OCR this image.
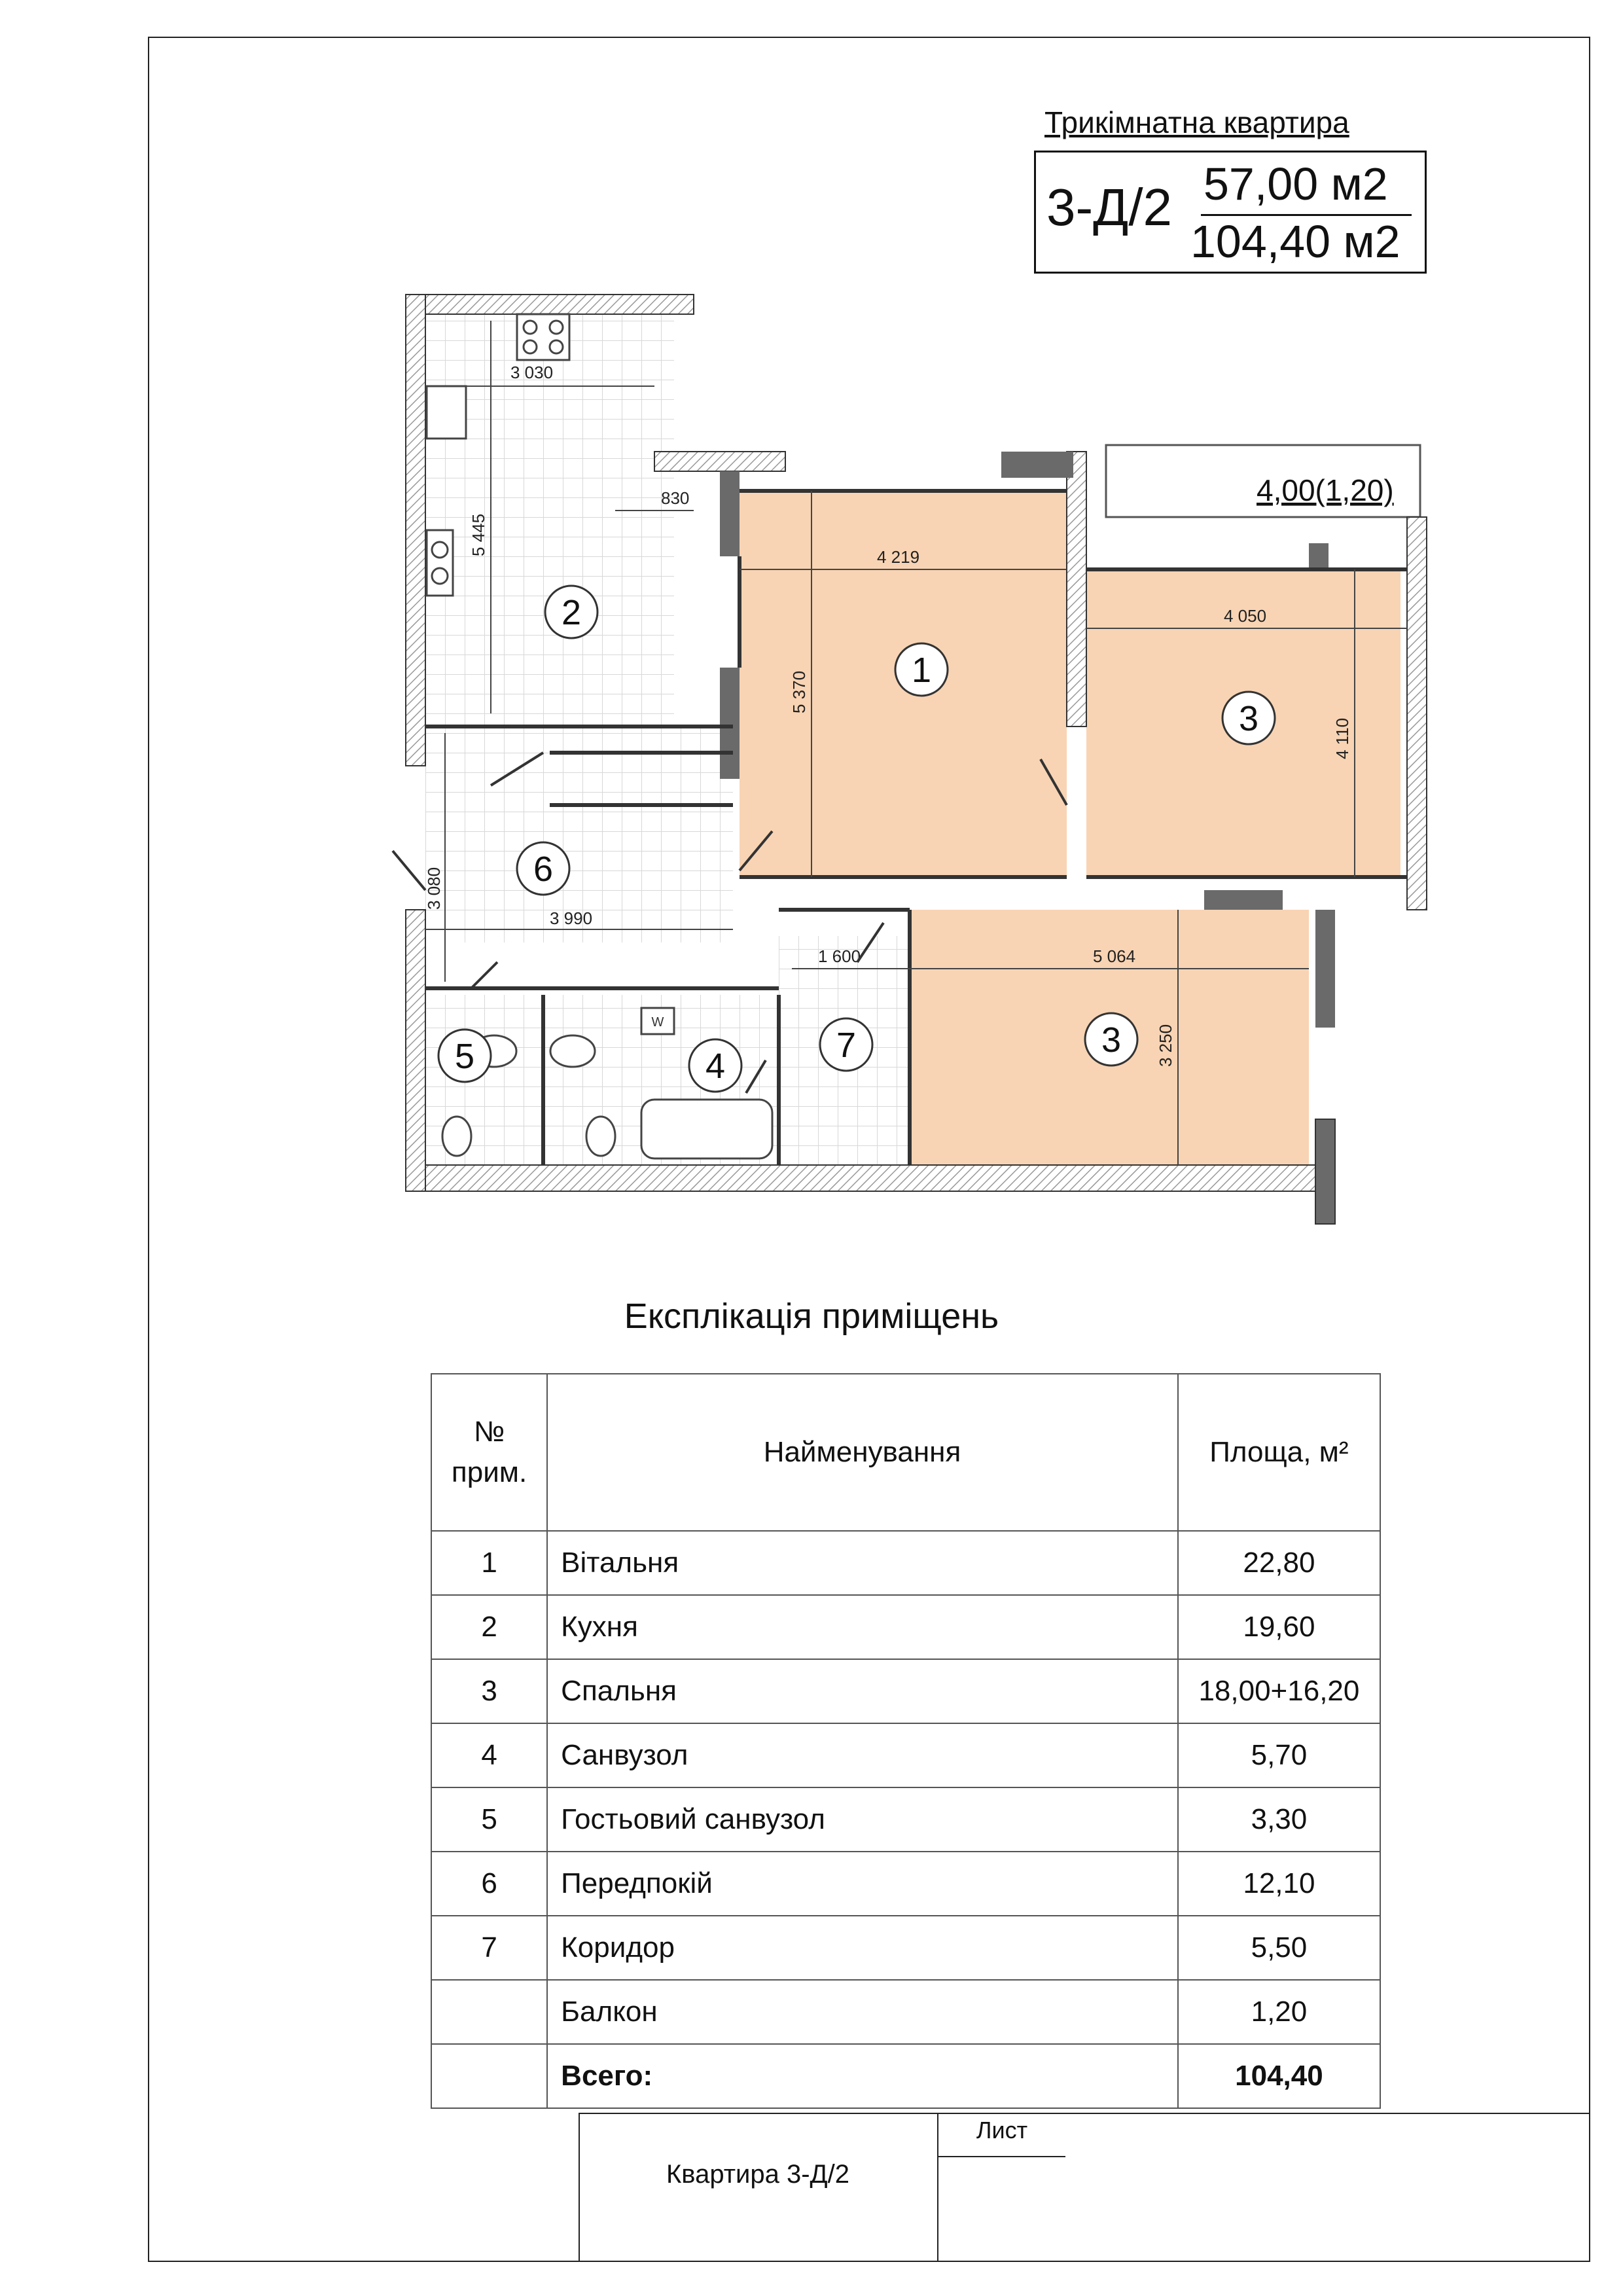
Трикімнатна квартира
3-Д/2 57,00 м2
104,40 м2
W
3 030
5 445
830
4 219
5 370
4 050
4 110
3 080
3 990
1 600	5 064
3 250
4,00(1,20)
2
1
3
3
4
5
6
7
Експлікація приміщень
№ прим.	Найменування	Площа, м²
1	Вітальня	22,80
2	Кухня	19,60
3	Спальня	18,00+16,20
4	Санвузол	5,70
5	Гостьовий санвузол	3,30
6	Передпокій	12,10
7	Коридор	5,50
	Балкон	1,20
	Всего:	104,40
Лист
Квартира 3-Д/2
